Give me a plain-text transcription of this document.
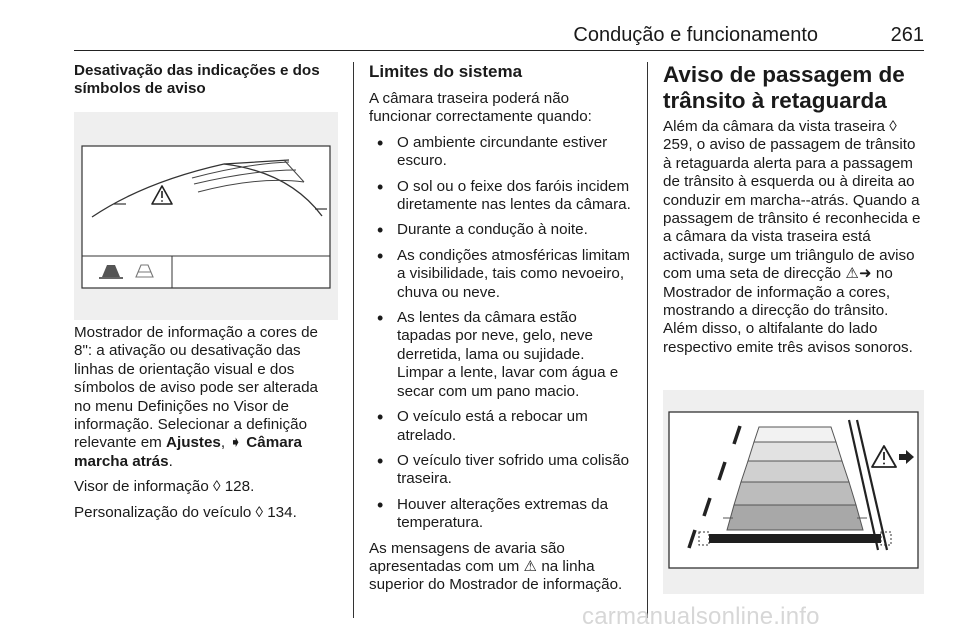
Condução e funcionamento	261
Desativação das indicações e dos símbolos de aviso

Mostrador de informação a cores de 8": a ativação ou desativação das linhas de orientação visual e dos símbolos de aviso pode ser alterada no menu Definições no Visor de informação. Selecionar a definição relevante em Ajustes, ➧ Câmara marcha atrás.

Visor de informação ◊ 128.

Personalização do veículo ◊ 134.

Limites do sistema

A câmara traseira poderá não funcionar correctamente quando:

• O ambiente circundante estiver escuro.
• O sol ou o feixe dos faróis incidem diretamente nas lentes da câmara.
• Durante a condução à noite.
• As condições atmosféricas limitam a visibilidade, tais como nevoeiro, chuva ou neve.
• As lentes da câmara estão tapadas por neve, gelo, neve derretida, lama ou sujidade. Limpar a lente, lavar com água e secar com um pano macio.
• O veículo está a rebocar um atrelado.
• O veículo tiver sofrido uma colisão traseira.
• Houver alterações extremas da temperatura.

As mensagens de avaria são apresentadas com um ⚠ na linha superior do Mostrador de informação.

Aviso de passagem de trânsito à retaguarda

Além da câmara da vista traseira ◊ 259, o aviso de passagem de trânsito à retaguarda alerta para a passagem de trânsito à esquerda ou à direita ao conduzir em marcha--atrás. Quando a passagem de trânsito é reconhecida e a câmara da vista traseira está activada, surge um triângulo de aviso com uma seta de direcção ⚠➜ no Mostrador de informação a cores, mostrando a direcção do trânsito. Além disso, o altifalante do lado respectivo emite três avisos sonoros.

carmanualsonline.info
